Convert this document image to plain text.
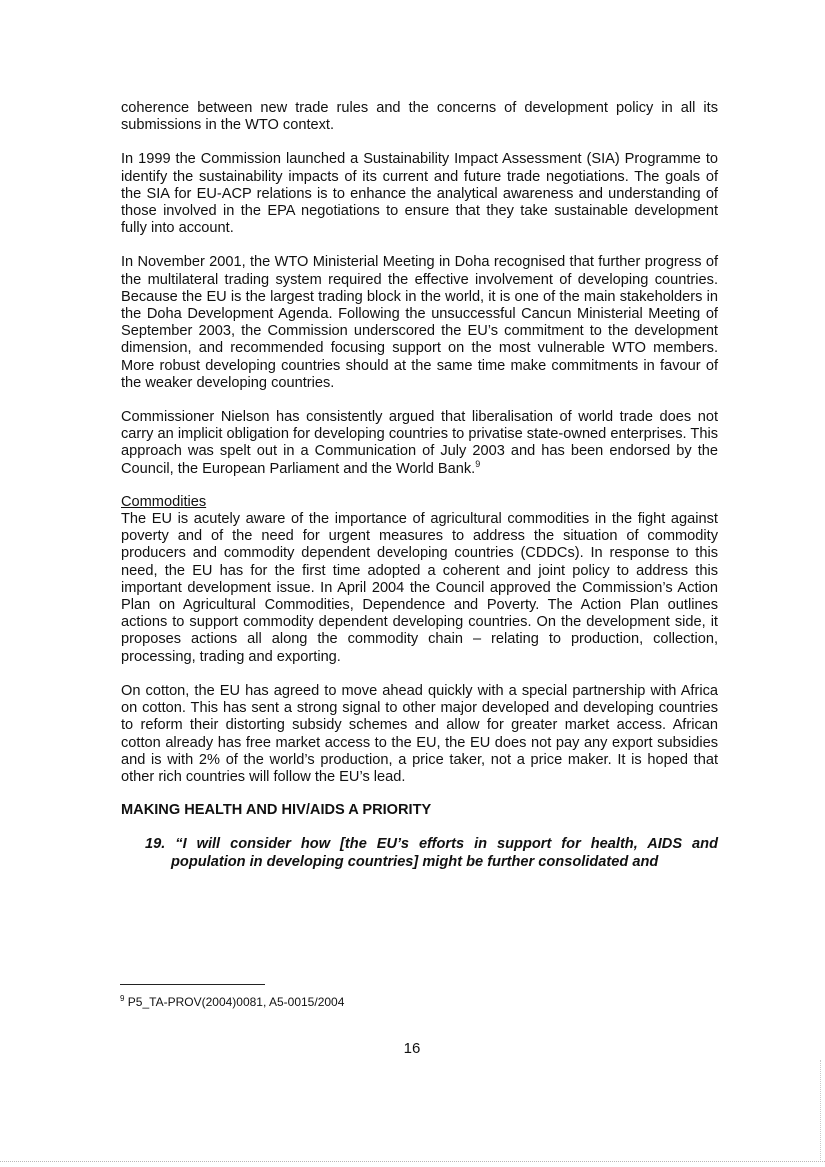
coherence between new trade rules and the concerns of development policy in all its submissions in the WTO context.

In 1999 the Commission launched a Sustainability Impact Assessment (SIA) Programme to identify the sustainability impacts of its current and future trade negotiations. The goals of the SIA for EU-ACP relations is to enhance the analytical awareness and understanding of those involved in the EPA negotiations to ensure that they take sustainable development fully into account.

In November 2001, the WTO Ministerial Meeting in Doha recognised that further progress of the multilateral trading system required the effective involvement of developing countries. Because the EU is the largest trading block in the world, it is one of the main stakeholders in the Doha Development Agenda. Following the unsuccessful Cancun Ministerial Meeting of September 2003, the Commission underscored the EU’s commitment to the development dimension, and recommended focusing support on the most vulnerable WTO members. More robust developing countries should at the same time make commitments in favour of the weaker developing countries.

Commissioner Nielson has consistently argued that liberalisation of world trade does not carry an implicit obligation for developing countries to privatise state-owned enterprises. This approach was spelt out in a Communication of July 2003 and has been endorsed by the Council, the European Parliament and the World Bank.$^9$

Commodities

The EU is acutely aware of the importance of agricultural commodities in the fight against poverty and of the need for urgent measures to address the situation of commodity producers and commodity dependent developing countries (CDDCs). In response to this need, the EU has for the first time adopted a coherent and joint policy to address this important development issue. In April 2004 the Council approved the Commission’s Action Plan on Agricultural Commodities, Dependence and Poverty. The Action Plan outlines actions to support commodity dependent developing countries. On the development side, it proposes actions all along the commodity chain – relating to production, collection, processing, trading and exporting.

On cotton, the EU has agreed to move ahead quickly with a special partnership with Africa on cotton. This has sent a strong signal to other major developed and developing countries to reform their distorting subsidy schemes and allow for greater market access. African cotton already has free market access to the EU, the EU does not pay any export subsidies and is with 2% of the world’s production, a price taker, not a price maker. It is hoped that other rich countries will follow the EU’s lead.

MAKING HEALTH AND HIV/AIDS A PRIORITY

19. “I will consider how [the EU’s efforts in support for health, AIDS and population in developing countries] might be further consolidated and

$^9$ P5_TA-PROV(2004)0081, A5-0015/2004
16
